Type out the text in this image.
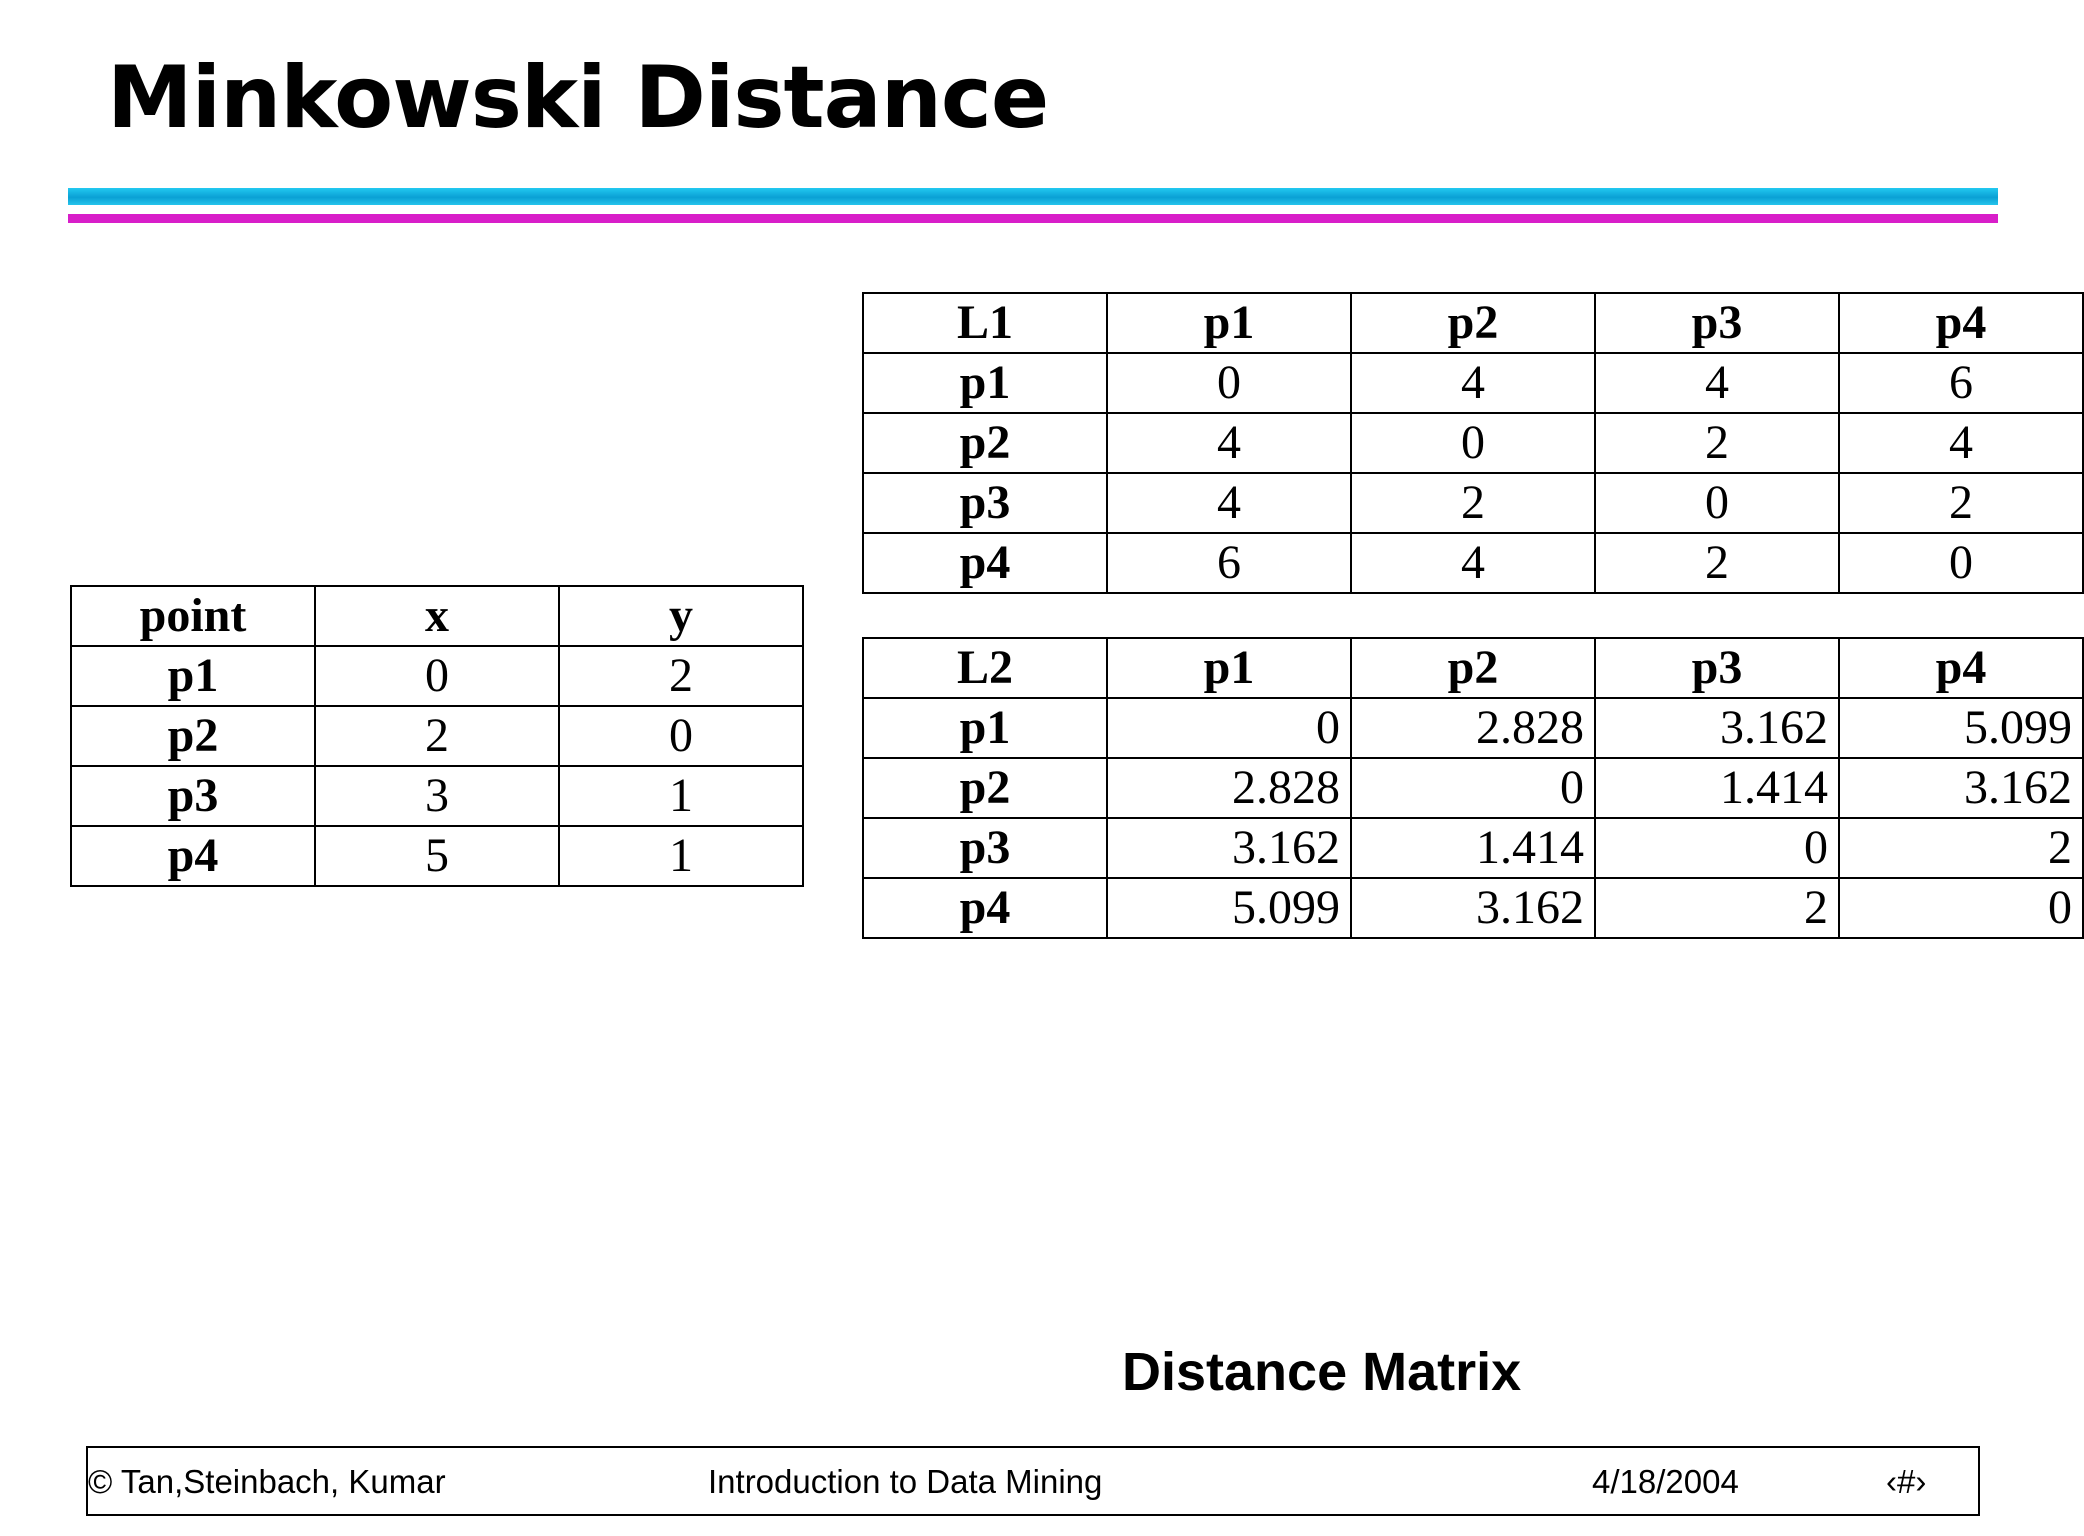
Minkowski Distance
point	x	y
p1	0	2
p2	2	0
p3	3	1
p4	5	1
L1	p1	p2	p3	p4
p1	0	4	4	6
p2	4	0	2	4
p3	4	2	0	2
p4	6	4	2	0
L2	p1	p2	p3	p4
p1	0	2.828	3.162	5.099
p2	2.828	0	1.414	3.162
p3	3.162	1.414	0	2
p4	5.099	3.162	2	0
Distance Matrix
© Tan,Steinbach, Kumar	Introduction to Data Mining	4/18/2004	‹#›
